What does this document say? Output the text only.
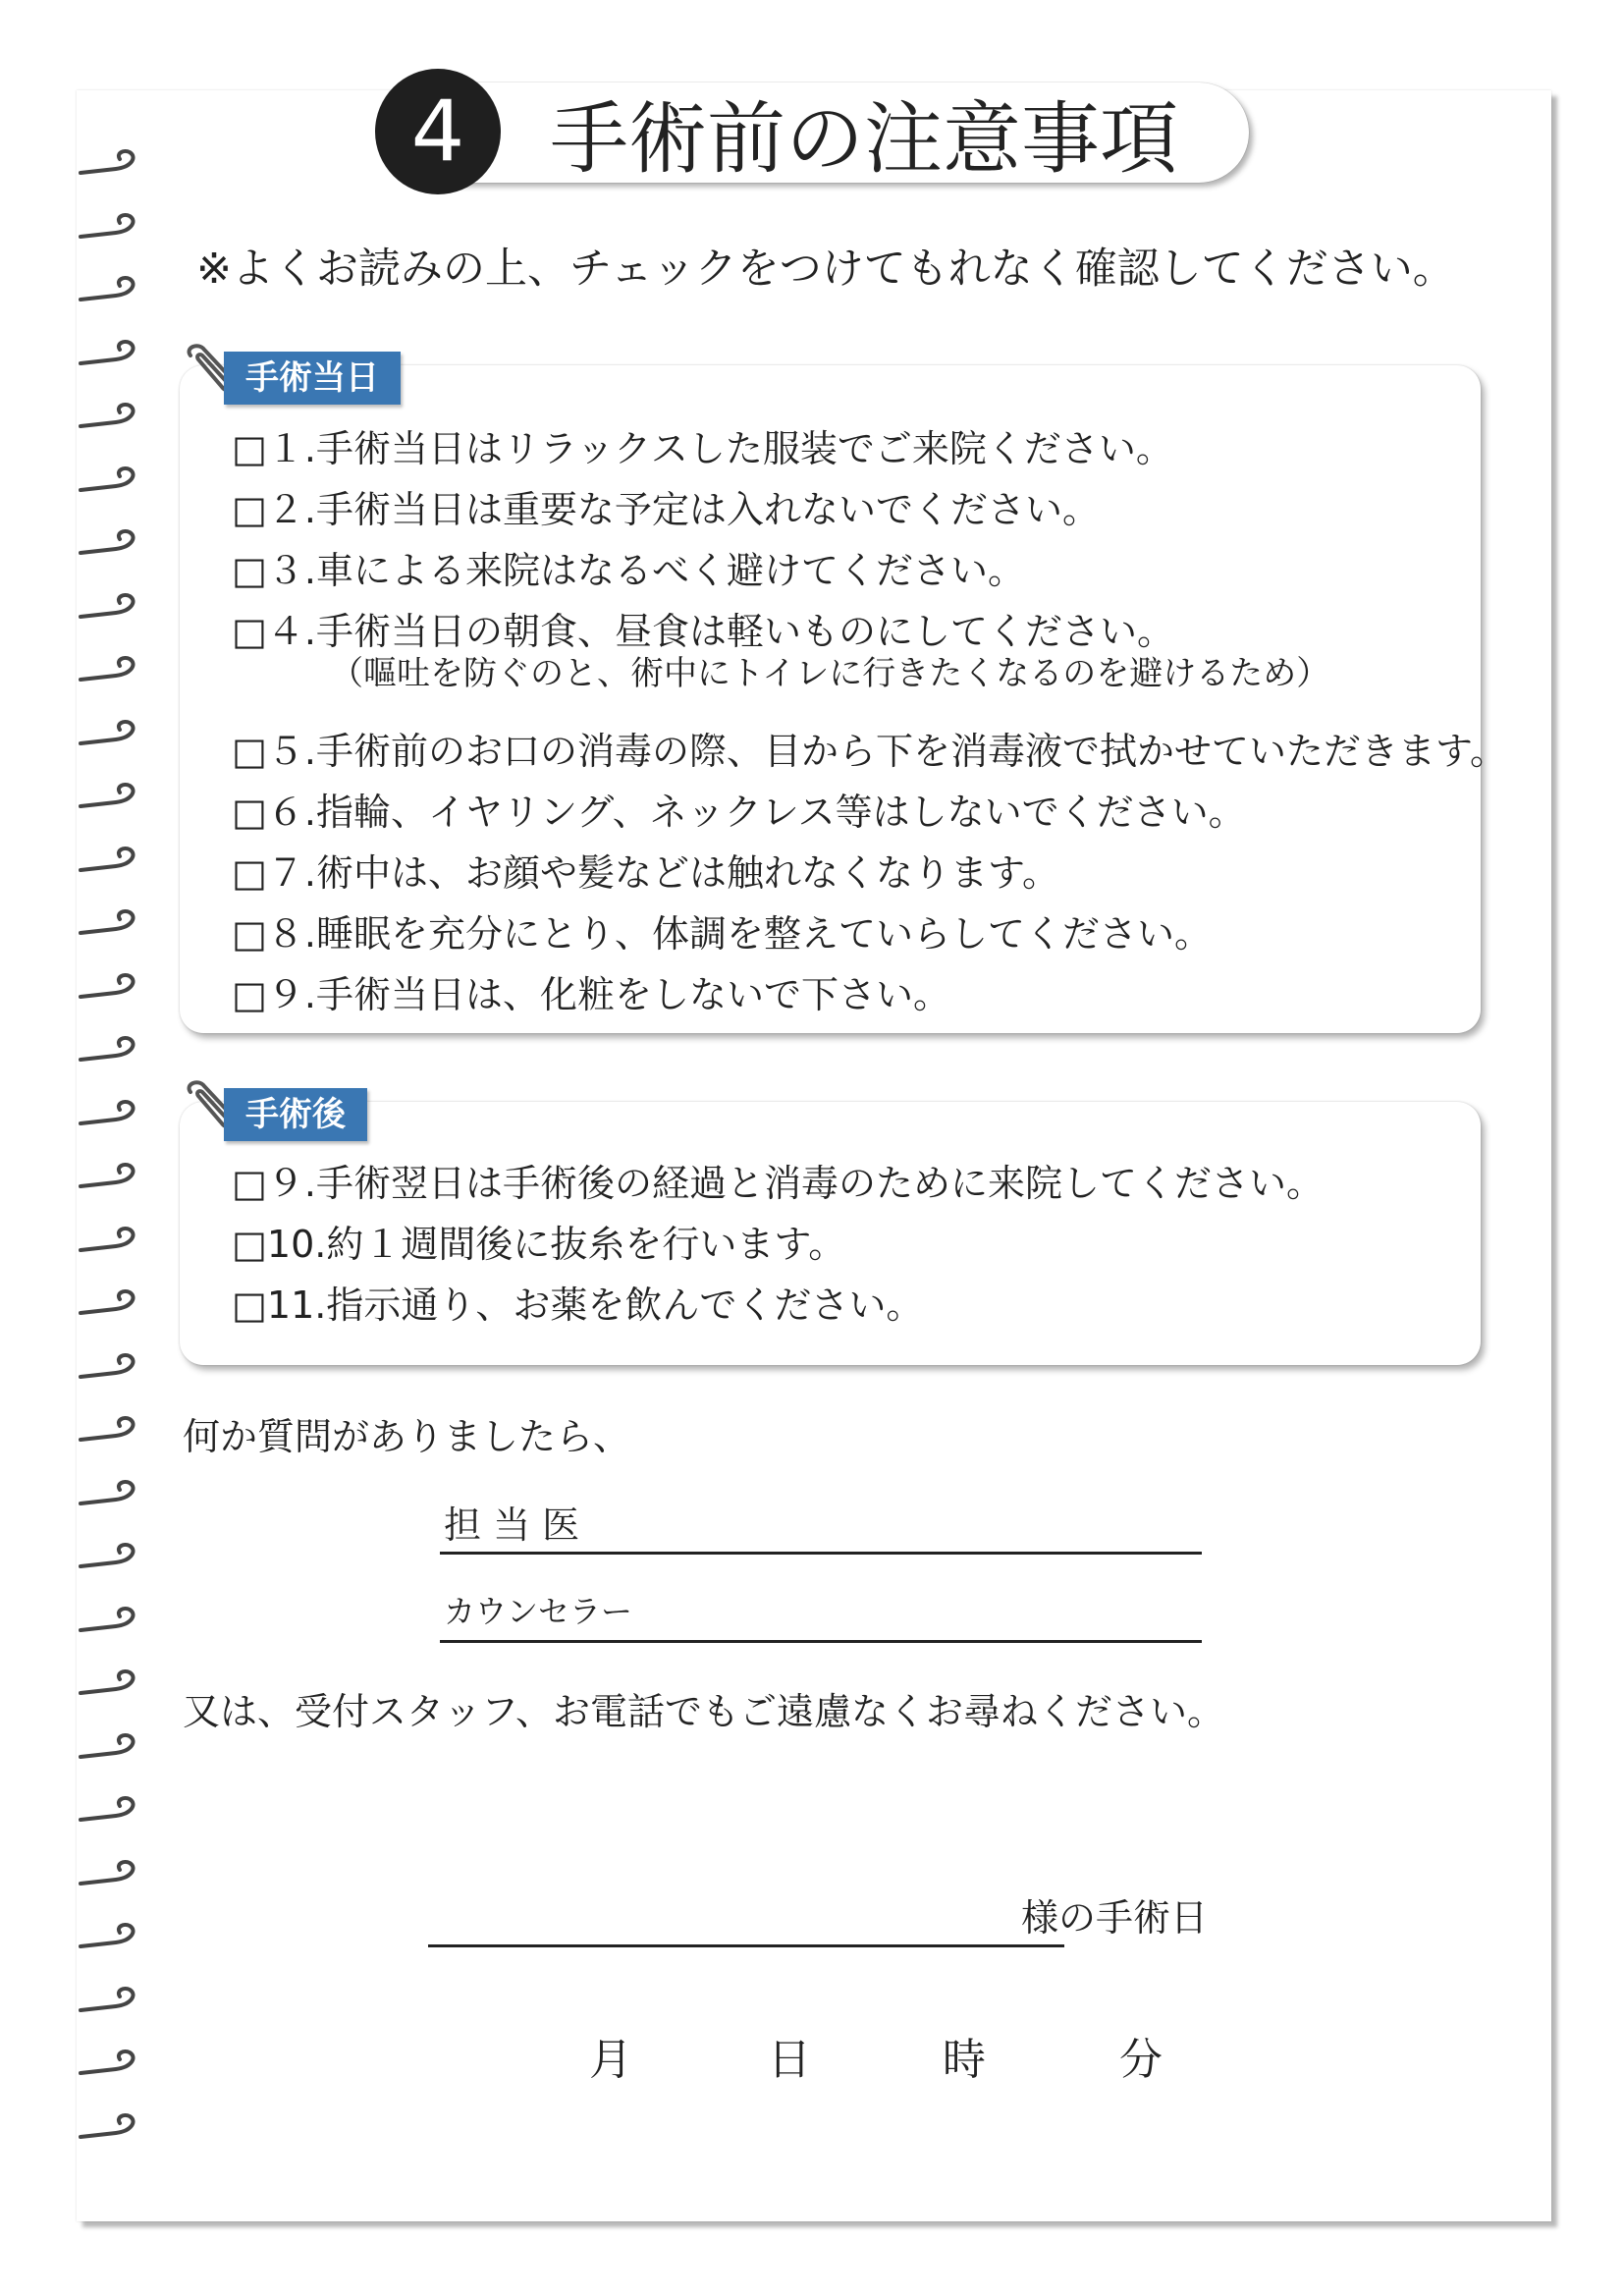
4	手術前の注意事項
※よくお読みの上、チェックをつけてもれなく確認してください。
手術当日
□１.手術当日はリラックスした服装でご来院ください。
□２.手術当日は重要な予定は入れないでください。
□３.車による来院はなるべく避けてください。
□４.手術当日の朝食、昼食は軽いものにしてください。
（嘔吐を防ぐのと、術中にトイレに行きたくなるのを避けるため）
□５.手術前のお口の消毒の際、目から下を消毒液で拭かせていただきます。
□６.指輪、イヤリング、ネックレス等はしないでください。
□７.術中は、お顔や髪などは触れなくなります。
□８.睡眠を充分にとり、体調を整えていらしてください。
□９.手術当日は、化粧をしないで下さい。
手術後
□９.手術翌日は手術後の経過と消毒のために来院してください。
□10.約１週間後に抜糸を行います。
□11.指示通り、お薬を飲んでください。
何か質問がありましたら、
担 当 医
カウンセラー
又は、受付スタッフ、お電話でもご遠慮なくお尋ねください。
様の手術日
月	日	時	分
